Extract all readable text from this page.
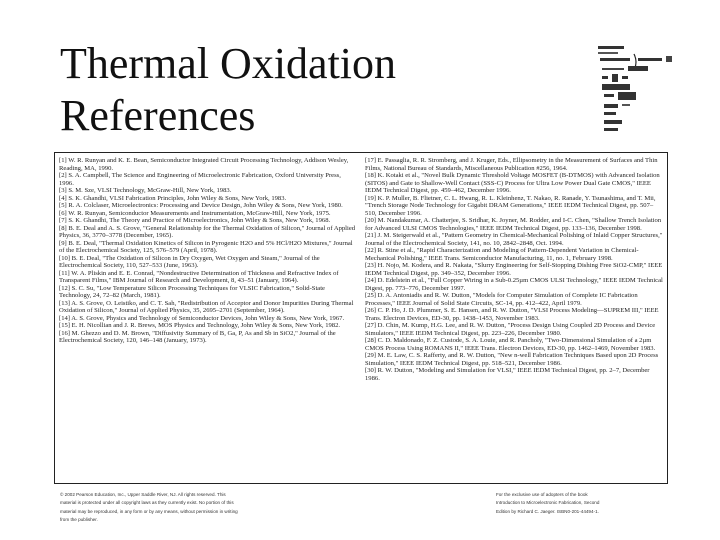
Thermal Oxidation
References

[1] W. R. Runyan and K. E. Bean, Semiconductor Integrated Circuit Processing Technology, Addison Wesley, Reading, MA, 1990.

[2] S. A. Campbell, The Science and Engineering of Microelectronic Fabrication, Oxford University Press, 1996.

[3] S. M. Sze, VLSI Technology, McGraw-Hill, New York, 1983.

[4] S. K. Ghandhi, VLSI Fabrication Principles, John Wiley & Sons, New York, 1983.

[5] R. A. Colclaser, Microelectronics: Processing and Device Design, John Wiley & Sons, New York, 1980.

[6] W. R. Runyan, Semiconductor Measurements and Instrumentation, McGraw-Hill, New York, 1975.

[7] S. K. Ghandhi, The Theory and Practice of Microelectronics, John Wiley & Sons, New York, 1968.

[8] B. E. Deal and A. S. Grove, "General Relationship for the Thermal Oxidation of Silicon," Journal of Applied Physics, 36, 3770–3778 (December, 1965).

[9] B. E. Deal, "Thermal Oxidation Kinetics of Silicon in Pyrogenic H2O and 5% HCl/H2O Mixtures," Journal of the Electrochemical Society, 125, 576–579 (April, 1978).

[10] B. E. Deal, "The Oxidation of Silicon in Dry Oxygen, Wet Oxygen and Steam," Journal of the Electrochemical Society, 110, 527–533 (June, 1963).

[11] W. A. Pliskin and E. E. Conrad, "Nondestructive Determination of Thickness and Refractive Index of Transparent Films," IBM Journal of Research and Development, 8, 43–51 (January, 1964).

[12] S. C. Su, "Low Temperature Silicon Processing Techniques for VLSIC Fabrication," Solid-State Technology, 24, 72–82 (March, 1981).

[13] A. S. Grove, O. Leistiko, and C. T. Sah, "Redistribution of Acceptor and Donor Impurities During Thermal Oxidation of Silicon," Journal of Applied Physics, 35, 2695–2701 (September, 1964).

[14] A. S. Grove, Physics and Technology of Semiconductor Devices, John Wiley & Sons, New York, 1967.

[15] E. H. Nicollian and J. R. Brews, MOS Physics and Technology, John Wiley & Sons, New York, 1982.

[16] M. Ghezzo and D. M. Brown, "Diffusivity Summary of B, Ga, P, As and Sb in SiO2," Journal of the Electrochemical Society, 120, 146–148 (January, 1973).

[17] E. Passaglia, R. R. Stromberg, and J. Kruger, Eds., Ellipsometry in the Measurement of Surfaces and Thin Films, National Bureau of Standards, Miscellaneous Publication #256, 1964.

[18] K. Kotaki et al., "Novel Bulk Dynamic Threshold Voltage MOSFET (B-DTMOS) with Advanced Isolation (SITOS) and Gate to Shallow-Well Contact (SSS-C) Process for Ultra Low Power Dual Gate CMOS," IEEE IEDM Technical Digest, pp. 459–462, December 1996.

[19] K. P. Muller, B. Flietner, C. L. Hwang, R. L. Kleinhenz, T. Nakao, R. Ranade, Y. Tsunashima, and T. Mii, "Trench Storage Node Technology for Gigabit DRAM Generations," IEEE IEDM Technical Digest, pp. 507–510, December 1996.

[20] M. Nandakumar, A. Chatterjee, S. Sridhar, K. Joyner, M. Rodder, and I-C. Chen, "Shallow Trench Isolation for Advanced ULSI CMOS Technologies," IEEE IEDM Technical Digest, pp. 133–136, December 1998.

[21] J. M. Steigerwald et al., "Pattern Geometry in Chemical-Mechanical Polishing of Inlaid Copper Structures," Journal of the Electrochemical Society, 141, no. 10, 2842–2848, Oct. 1994.

[22] R. Stine et al., "Rapid Characterization and Modeling of Pattern-Dependent Variation in Chemical-Mechanical Polishing," IEEE Trans. Semiconductor Manufacturing, 11, no. 1, February 1998.

[23] H. Nojo, M. Kodera, and R. Nakata, "Slurry Engineering for Self-Stopping Dishing Free SiO2-CMP," IEEE IEDM Technical Digest, pp. 349–352, December 1996.

[24] D. Edelstein et al., "Full Copper Wiring in a Sub-0.25µm CMOS ULSI Technology," IEEE IEDM Technical Digest, pp. 773–776, December 1997.

[25] D. A. Antoniadis and R. W. Dutton, "Models for Computer Simulation of Complete IC Fabrication Processes," IEEE Journal of Solid State Circuits, SC-14, pp. 412–422, April 1979.

[26] C. P. Ho, J. D. Plummer, S. E. Hansen, and R. W. Dutton, "VLSI Process Modeling—SUPREM III," IEEE Trans. Electron Devices, ED-30, pp. 1438–1453, November 1983.

[27] D. Chin, M. Kump, H.G. Lee, and R. W. Dutton, "Process Design Using Coupled 2D Process and Device Simulators," IEEE IEDM Technical Digest, pp. 223–226, December 1980.

[28] C. D. Maldonado, F. Z. Custode, S. A. Louie, and R. Pancholy, "Two-Dimensional Simulation of a 2µm CMOS Process Using ROMANS II," IEEE Trans. Electron Devices, ED-30, pp. 1462–1469, November 1983.

[29] M. E. Law, C. S. Rafferty, and R. W. Dutton, "New n-well Fabrication Techniques Based upon 2D Process Simulation," IEEE IEDM Technical Digest, pp. 518–521, December 1986.

[30] R. W. Dutton, "Modeling and Simulation for VLSI," IEEE IEDM Technical Digest, pp. 2–7, December 1986.

© 2002 Pearson Education, Inc., Upper Saddle River, NJ. All rights reserved. This
material is protected under all copyright laws as they currently exist. No portion of this
material may be reproduced, in any form or by any means, without permission in writing
from the publisher.
For the exclusive use of adopters of the book
Introduction to Microelectronic Fabrication, Second
Edition by Richard C. Jaeger. ISBN0-201-44494-1.
